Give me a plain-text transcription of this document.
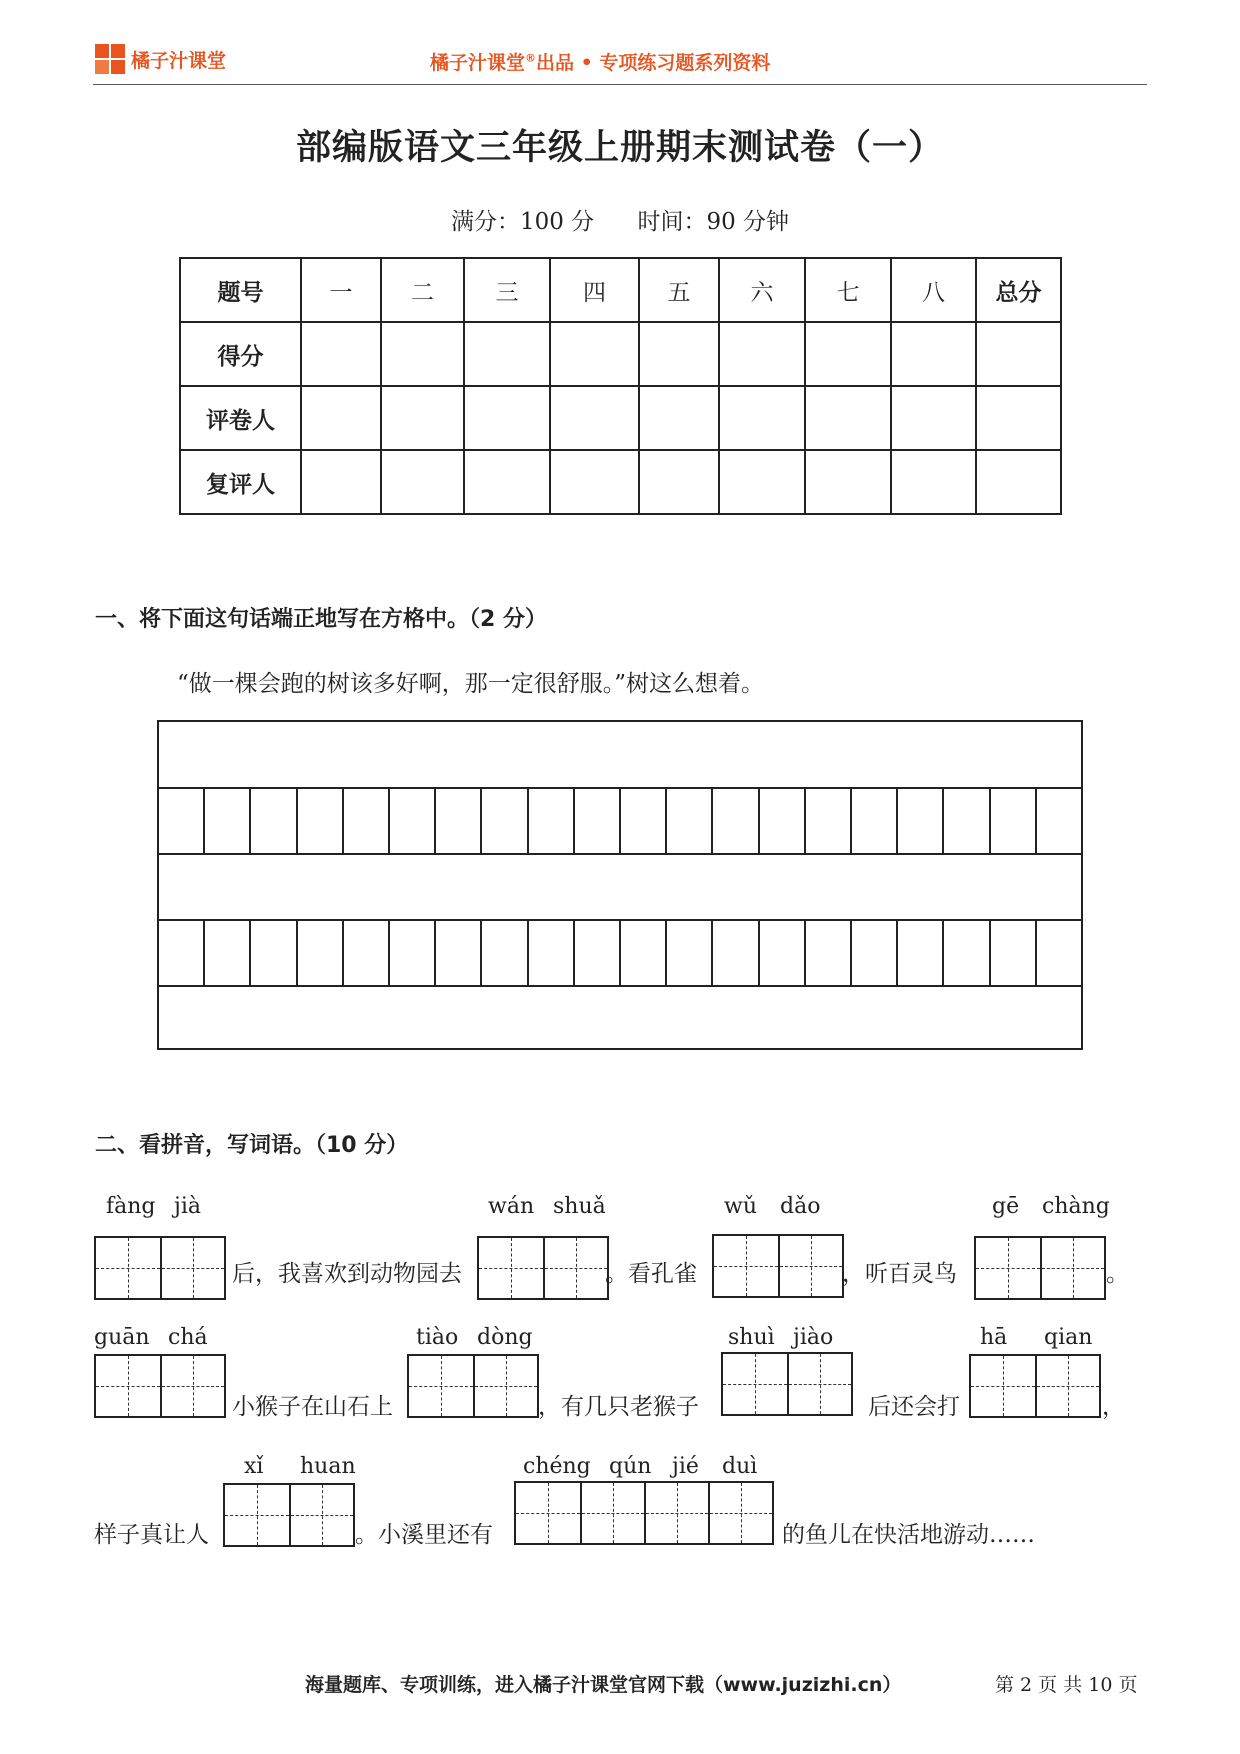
橘子汁课堂	橘子汁课堂®出品 • 专项练习题系列资料
部编版语文三年级上册期末测试卷（一）
满分：100 分 时间：90 分钟
题号	一	二	三	四	五	六	七	八	总分
得分									
评卷人									
复评人									
一、将下面这句话端正地写在方格中。（2 分）
“做一棵会跑的树该多好啊，那一定很舒服。”树这么想着。
二、看拼音，写词语。（10 分）
fàng jià
后，我喜欢到动物园去
wán shuǎ
。看孔雀
wǔ dǎo
，听百灵鸟
gē chàng
。
guān chá
小猴子在山石上
tiào dòng
，有几只老猴子
shuì jiào
后还会打
hā qian
，
样子真让人
xǐ huan
。小溪里还有
chéng qún jié duì
的鱼儿在快活地游动……
海量题库、专项训练，进入橘子汁课堂官网下载（www.juzizhi.cn）	第 2 页 共 10 页
